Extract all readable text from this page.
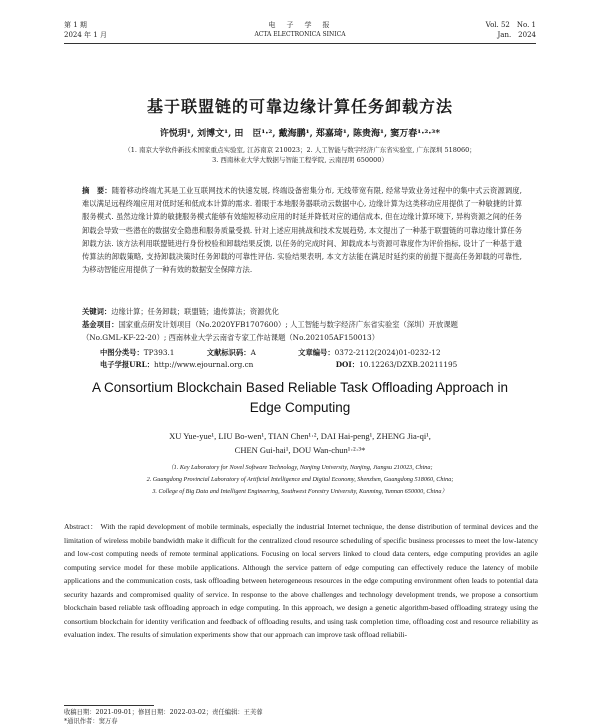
第 1 期
2024 年 1 月
电　子　学　报
ACTA ELECTRONICA SINICA
Vol. 52　No. 1
Jan.　2024
基于联盟链的可靠边缘计算任务卸载方法
许悦玥¹, 刘博文¹, 田　臣¹·², 戴海鹏¹, 郑嘉琦¹, 陈贵海¹, 窦万春¹·²·³*
（1. 南京大学软件新技术国家重点实验室, 江苏南京 210023；2. 人工智能与数字经济广东省实验室, 广东深圳 518060；
3. 西南林业大学大数据与智能工程学院, 云南昆明 650000）
摘　要：随着移动终端尤其是工业互联网技术的快速发展, 终端设备密集分布, 无线带宽有限, 经常导致业务过程中的集中式云资源调度, 难以满足远程终端应用对低时延和低成本计算的需求. 着眼于本地服务器联动云数据中心, 边缘计算为这类移动应用提供了一种敏捷的计算服务模式. 虽然边缘计算的敏捷服务模式能够有效缩短移动应用的时延并降低对应的通信成本, 但在边缘计算环境下, 异构资源之间的任务卸载会导致一些潜在的数据安全隐患和服务质量受损. 针对上述应用挑战和技术发展趋势, 本文提出了一种基于联盟链的可靠边缘计算任务卸载方法. 该方法利用联盟链进行身份校验和卸载结果反馈, 以任务的完成时间、卸载成本与资源可靠度作为评价指标, 设计了一种基于遗传算法的卸载策略, 支持卸载决策时任务卸载的可靠性评估. 实验结果表明, 本文方法能在满足时延约束的前提下提高任务卸载的可靠性, 为移动智能应用提供了一种有效的数据安全保障方法.
关键词：边缘计算；任务卸载；联盟链；遗传算法；资源优化
基金项目：国家重点研发计划项目（No.2020YFB1707600）; 人工智能与数字经济广东省实验室（深圳）开放课题
（No.GML-KF-22-20）; 西南林业大学云南省专家工作站课题（No.202105AF150013）
中图分类号：TP393.1	文献标识码：A	文章编号：0372-2112(2024)01-0232-12
电子学报URL：http://www.ejournal.org.cn	DOI：10.12263/DZXB.20211195
A Consortium Blockchain Based Reliable Task Offloading Approach in
Edge Computing
XU Yue-yue¹, LIU Bo-wen¹, TIAN Chen¹·², DAI Hai-peng¹, ZHENG Jia-qi¹,
CHEN Gui-hai¹, DOU Wan-chun¹·²·³*
（1. Key Laboratory for Novel Software Technology, Nanjing University, Nanjing, Jiangsu 210023, China;
2. Guangdong Provincial Laboratory of Artificial Intelligence and Digital Economy, Shenzhen, Guangdong 518060, China;
3. College of Big Data and Intelligent Engineering, Southwest Forestry University, Kunming, Yunnan 650000, China）
Abstract： With the rapid development of mobile terminals, especially the industrial Internet technique, the dense distribution of terminal devices and the limitation of wireless mobile bandwidth make it difficult for the centralized cloud resource scheduling of specific business processes to meet the low-latency and low-cost computing needs of remote terminal applications. Focusing on local servers linked to cloud data centers, edge computing provides an agile computing service model for these mobile applications. Although the service pattern of edge computing can effectively reduce the latency of mobile applications and the communication costs, task offloading between heterogeneous resources in the edge computing environment often leads to potential data security hazards and compromised quality of service. In response to the above challenges and technology development trends, we propose a consortium blockchain based reliable task offloading approach in edge computing. In this approach, we design a genetic algorithm-based offloading strategy using the consortium blockchain for identity verification and feedback of offloading results, and using task completion time, offloading cost and resource reliability as evaluation index. The results of simulation experiments show that our approach can improve task offload reliabili-
收稿日期：2021-09-01；修回日期：2022-03-02；责任编辑：王芙蓉
*通讯作者：窦万春
